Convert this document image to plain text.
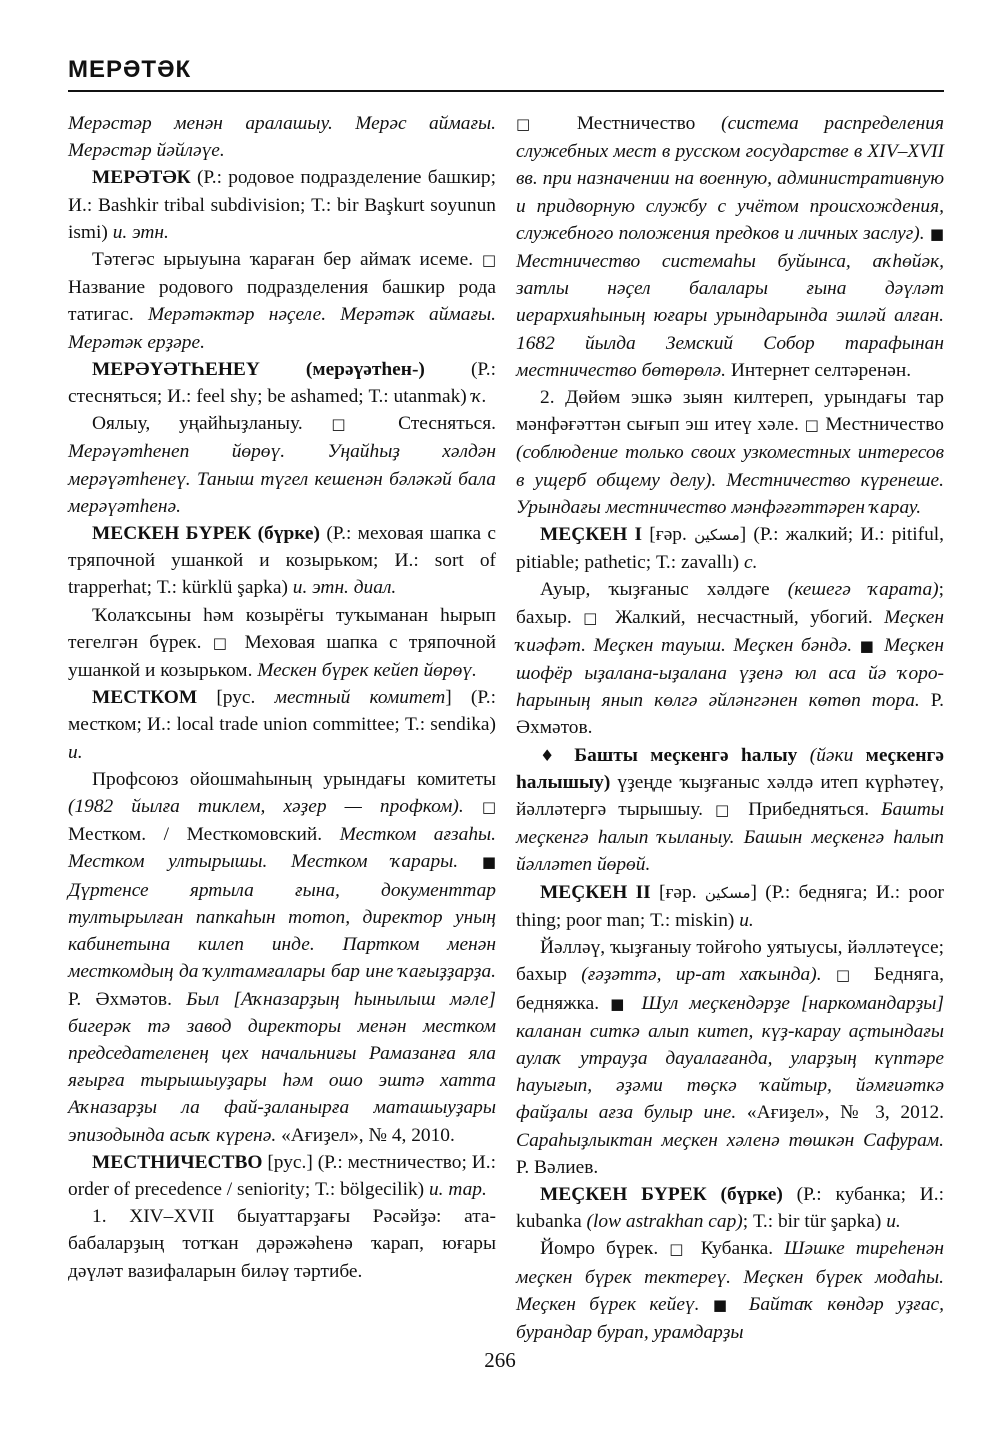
МЕРӘТӘК

Мерәстәр менән аралашыу. Мерәс аймағы. Мерәстәр йәйләүе.

МЕРӘТӘК (Р.: родовое подразделение башкир; И.: Bashkir tribal subdivision; Т.: bir Başkurt soyunun ismi) и. этн.

Тәтегәс ырыуына ҡараған бер аймаҡ исеме. □ Название родового подразделения башкир рода татигас. Мерәтәктәр нәҫеле. Мерәтәк аймағы. Мерәтәк ерҙәре.

МЕРӘҮӘТҺЕНЕҮ (мерәүәтһен-) (Р.: стесняться; И.: feel shy; be ashamed; Т.: utanmak) ҡ.

Оялыу, уңайһыҙланыу. □ Стесняться. Мерәүәтһенеп йөрөү. Уңайһыҙ хәлдән мерәүәтһенеү. Таныш түгел кешенән бәләкәй бала мерәүәтһенә.

МЕСКЕН БҮРЕК (бүрке) (Р.: меховая шапка с тряпочной ушанкой и козырьком; И.: sort of trapperhat; Т.: kürklü şapka) и. этн. диал.

Ҡолаҡсыны һәм козырёгы туҡыманан һырып тегелгән бүрек. □ Меховая шапка с тряпочной ушанкой и козырьком. Мескен бүрек кейеп йөрөү.

МЕСТКОМ [рус. местный комитет] (Р.: местком; И.: local trade union committee; Т.: sendika) и.

Профсоюз ойошмаһының урындағы комитеты (1982 йылға тиклем, хәҙер — профком). □ Местком. / Месткомовский. Местком ағзаһы. Местком ултырышы. Местком ҡарары. ■ Дүртенсе яртыла ғына, документтар тултырылған папкаһын тотоп, директор уның кабинетына килеп инде. Партком менән месткомдың да ҡултамғалары бар ине ҡағыҙҙарҙа. Р. Әхмәтов. Был [Аҡназарҙың һынылыш мәле] бигерәк тә завод директоры менән местком председателенең цех начальниғы Рамазанға яла яғырға тырышыуҙары һәм ошо эштә хатта Аҡназарҙы ла фай-ҙаланырға маташыуҙары эпизодында асыҡ күренә. «Ағиҙел», № 4, 2010.

МЕСТНИЧЕСТВО [рус.] (Р.: местничество; И.: order of precedence / seniority; Т.: bölgecilik) и. тар.

1. XIV–XVII быуаттарҙағы Рәсәйҙә: ата-бабаларҙың тотҡан дәрәжәһенә ҡарап, юғары дәүләт вазифаларын биләү тәртибе.

□ Местничество (система распределения служебных мест в русском государстве в XIV–XVII вв. при назначении на военную, административную и придворную службу с учётом происхождения, служебного положения предков и личных заслуг). ■ Местничество системаһы буйынса, аҡһөйәк, затлы нәҫел балалары ғына дәүләт иерархияһының юғары урындарында эшләй алған. 1682 йылда Земский Собор тарафынан местничество бөтөрөлә. Интернет селтәренән.

2. Дөйөм эшкә зыян килтереп, урындағы тар мәнфәғәттән сығып эш итеү хәле. □ Местничество (соблюдение только своих узкоместных интересов в ущерб общему делу). Местничество күренеше. Урындағы местничество мәнфәғәттәрен ҡарау.

МЕҪКЕН I [ғәр. مسكين] (Р.: жалкий; И.: pitiful, pitiable; pathetic; Т.: zavallı) с.

Ауыр, ҡыҙғаныс хәлдәге (кешегә ҡарата); бахыр. □ Жалкий, несчастный, убогий. Меҫкен ҡиәфәт. Меҫкен тауыш. Меҫкен бәндә. ■ Меҫкен шофёр ыҙалана-ыҙалана үҙенә юл аса йә ҡоро-һарының янып көлгә әйләнгәнен көтөп тора. Р. Әхмәтов.

♦ Башты меҫкенгә һалыу (йәки меҫкенгә һалышыу) үҙеңде ҡыҙғаныс хәлдә итеп күрһәтеү, йәлләтергә тырышыу. □ Прибедняться. Башты меҫкенгә һалып ҡыланыу. Башын меҫкенгә һалып йәлләтеп йөрөй.

МЕҪКЕН II [ғәр. مسكين] (Р.: бедняга; И.: poor thing; poor man; Т.: miskin) и.

Йәлләү, ҡыҙғаныу тойғоһо уятыусы, йәлләтеүсе; бахыр (ғәҙәттә, ир-ат хаҡында). □ Бедняга, бедняжка. ■ Шул меҫкендәрҙе [наркомандарҙы] каланан ситкә алып китеп, күҙ-карау аҫтындағы аулаҡ утрауҙа дауалағанда, уларҙың күптәре һауығып, әҙәми төҫкә ҡайтыр, йәмғиәткә файҙалы ағза булыр ине. «Ағиҙел», № 3, 2012. Сараһыҙлыктан меҫкен хәленә төшкән Сафурам. Р. Вәлиев.

МЕҪКЕН БҮРЕК (бүрке) (Р.: кубанка; И.: kubanka (low astrakhan cap); Т.: bir tür şapka) и.

Йомро бүрек. □ Кубанка. Шәшке тиреһенән меҫкен бүрек тектереү. Меҫкен бүрек модаһы. Меҫкен бүрек кейеү. ■ Байтаҡ көндәр уҙғас, бурандар бурап, урамдарҙы

266
